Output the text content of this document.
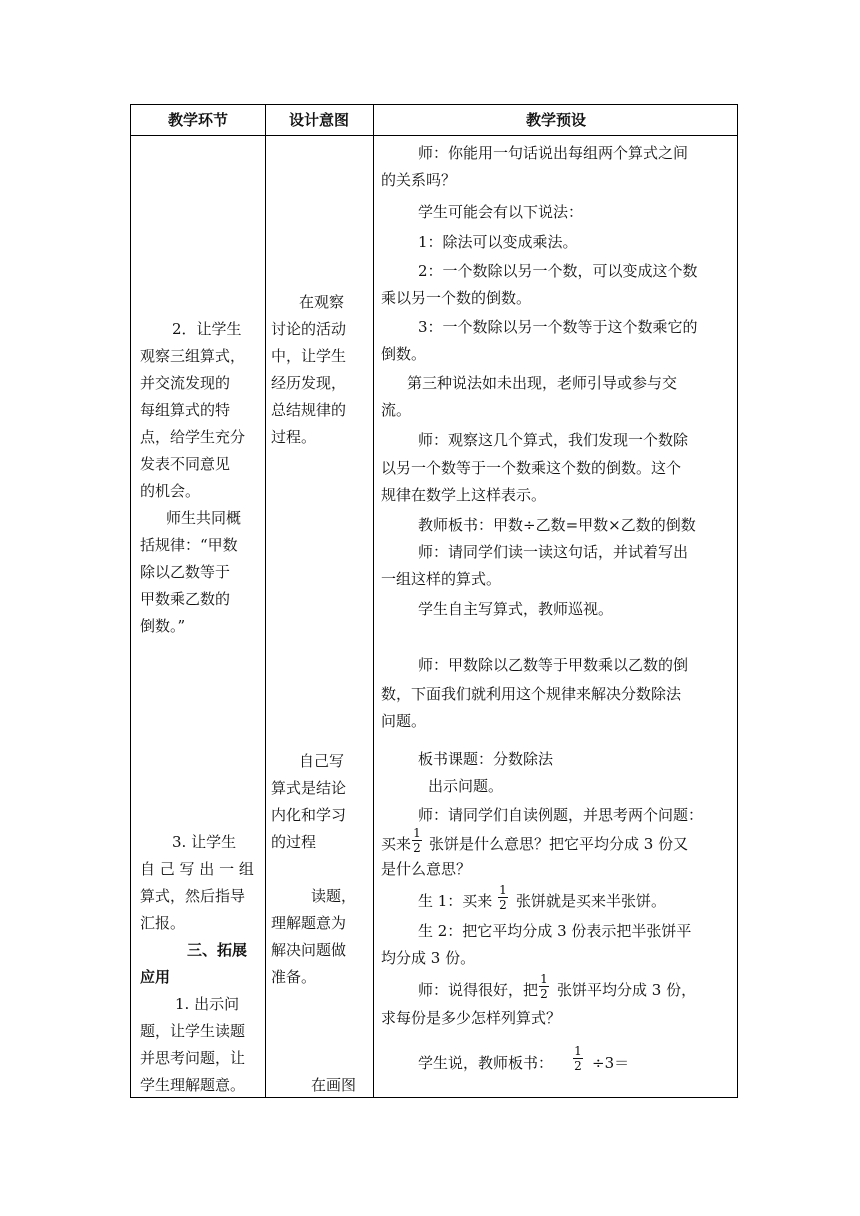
教学环节	设计意图	教学预设
2．让学生
观察三组算式，
并交流发现的
每组算式的特
点，给学生充分
发表不同意见
的机会。
师生共同概
括规律：“甲数
除以乙数等于
甲数乘乙数的
倒数。”
3. 让学生
自 己 写 出 一 组
算式，然后指导
汇报。
三、拓展
应用
1. 出示问
题，让学生读题
并思考问题，让
学生理解题意。
在观察
讨论的活动
中，让学生
经历发现，
总结规律的
过程。
自己写
算式是结论
内化和学习
的过程
读题，
理解题意为
解决问题做
准备。
在画图
师：你能用一句话说出每组两个算式之间
的关系吗？
学生可能会有以下说法：
1：除法可以变成乘法。
2：一个数除以另一个数，可以变成这个数
乘以另一个数的倒数。
3：一个数除以另一个数等于这个数乘它的
倒数。
第三种说法如未出现，老师引导或参与交
流。
师：观察这几个算式，我们发现一个数除
以另一个数等于一个数乘这个数的倒数。这个
规律在数学上这样表示。
教师板书：甲数÷乙数=甲数×乙数的倒数
师：请同学们读一读这句话，并试着写出
一组这样的算式。
学生自主写算式，教师巡视。
师：甲数除以乙数等于甲数乘以乙数的倒
数，下面我们就利用这个规律来解决分数除法
问题。
板书课题：分数除法
出示问题。
师：请同学们自读例题，并思考两个问题：
买来
1
2 张饼是什么意思？把它平均分成 3 份又
是什么意思？
生 1：买来
1
2 张饼就是买来半张饼。
生 2：把它平均分成 3 份表示把半张饼平
均分成 3 份。
师：说得很好，把
1
2 张饼平均分成 3 份，
求每份是多少怎样列算式？
学生说，教师板书：
1
2 ÷3＝
